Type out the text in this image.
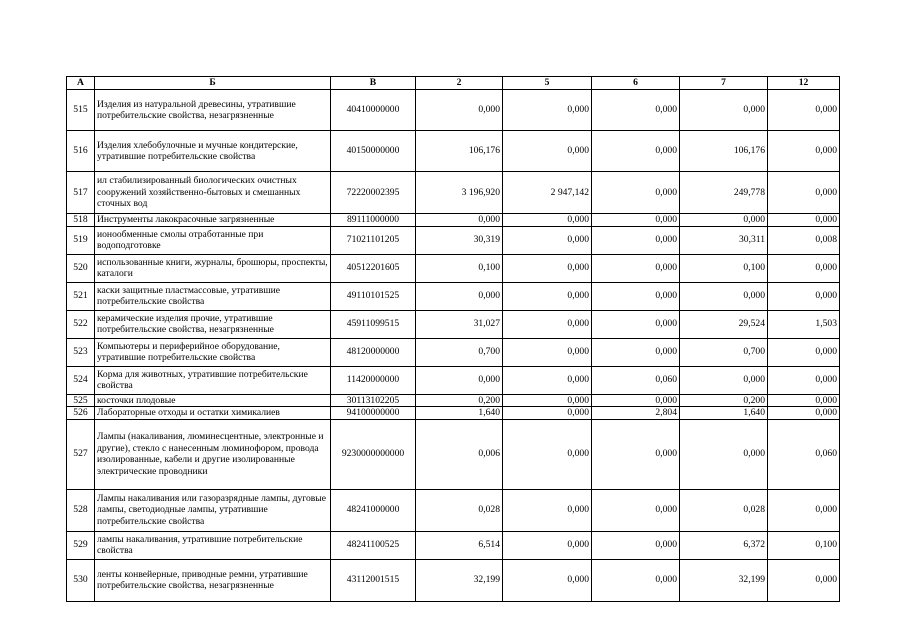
А	Б	В	2	5	6	7	12
515	Изделия из натуральной древесины, утратившие потребительские свойства, незагрязненные	40410000000	0,000	0,000	0,000	0,000	0,000
516	Изделия хлебобулочные и мучные кондитерские, утратившие потребительские свойства	40150000000	106,176	0,000	0,000	106,176	0,000
517	ил стабилизированный биологических очистных сооружений хозяйственно-бытовых и смешанных сточных вод	72220002395	3 196,920	2 947,142	0,000	249,778	0,000
518	Инструменты лакокрасочные загрязненные	89111000000	0,000	0,000	0,000	0,000	0,000
519	ионообменные смолы отработанные при водоподготовке	71021101205	30,319	0,000	0,000	30,311	0,008
520	использованные книги, журналы, брошюры, проспекты, каталоги	40512201605	0,100	0,000	0,000	0,100	0,000
521	каски защитные пластмассовые, утратившие потребительские свойства	49110101525	0,000	0,000	0,000	0,000	0,000
522	керамические изделия прочие, утратившие потребительские свойства, незагрязненные	45911099515	31,027	0,000	0,000	29,524	1,503
523	Компьютеры и периферийное оборудование, утратившие потребительские свойства	48120000000	0,700	0,000	0,000	0,700	0,000
524	Корма для животных, утратившие потребительские свойства	11420000000	0,000	0,000	0,060	0,000	0,000
525	косточки плодовые	30113102205	0,200	0,000	0,000	0,200	0,000
526	Лабораторные отходы и остатки химикалиев	94100000000	1,640	0,000	2,804	1,640	0,000
527	Лампы (накаливания, люминесцентные, электронные и другие), стекло с нанесенным люминофором, провода изолированные, кабели и другие изолированные электрические проводники	9230000000000	0,006	0,000	0,000	0,000	0,060
528	Лампы накаливания или газоразрядные лампы, дуговые лампы, светодиодные лампы, утратившие потребительские свойства	48241000000	0,028	0,000	0,000	0,028	0,000
529	лампы накаливания, утратившие потребительские свойства	48241100525	6,514	0,000	0,000	6,372	0,100
530	ленты конвейерные, приводные ремни, утратившие потребительские свойства, незагрязненные	43112001515	32,199	0,000	0,000	32,199	0,000
